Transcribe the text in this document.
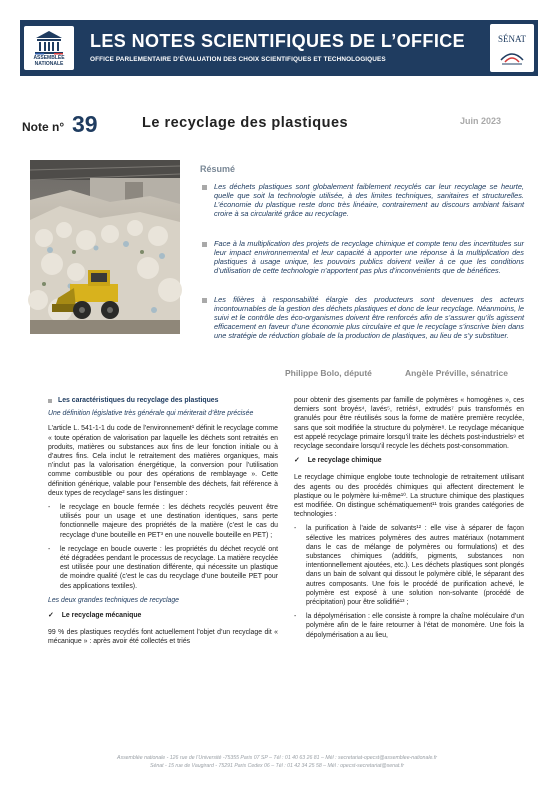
ASSEMBLÉE NATIONALE
LES NOTES SCIENTIFIQUES DE L’OFFICE
OFFICE PARLEMENTAIRE D’ÉVALUATION DES CHOIX SCIENTIFIQUES ET TECHNOLOGIQUES
SÉNAT
Note n° 39	Le recyclage des plastiques	Juin 2023
© ASSEMBLÉE NATIONALE - M. DENIS	Résumé
Les déchets plastiques sont globalement faiblement recyclés car leur recyclage se heurte, quelle que soit la technologie utilisée, à des limites techniques, sanitaires et structurelles. L’économie du plastique reste donc très linéaire, contrairement au discours ambiant faisant croire à sa circularité grâce au recyclage.
Face à la multiplication des projets de recyclage chimique et compte tenu des incertitudes sur leur impact environnemental et leur capacité à apporter une réponse à la multiplication des plastiques à usage unique, les pouvoirs publics doivent veiller à ce que les conditions d’utilisation de cette technologie n’apportent pas plus d’inconvénients que de bénéfices.
Les filières à responsabilité élargie des producteurs sont devenues des acteurs incontournables de la gestion des déchets plastiques et donc de leur recyclage. Néanmoins, le suivi et le contrôle des éco-organismes doivent être renforcés afin de s’assurer qu’ils agissent efficacement en faveur d’une économie plus circulaire et que le recyclage s’inscrive bien dans une stratégie de réduction globale de la production de plastiques, au lieu de s’y substituer.
Philippe Bolo, député	Angèle Préville, sénatrice
Les caractéristiques du recyclage des plastiques
Une définition législative très générale qui mériterait d’être précisée

L’article L. 541-1-1 du code de l’environnement¹ définit le recyclage comme « toute opération de valorisation par laquelle les déchets sont retraités en produits, matières ou substances aux fins de leur fonction initiale ou à d’autres fins. Cela inclut le retraitement des matières organiques, mais n’inclut pas la valorisation énergétique, la conversion pour l’utilisation comme combustible ou pour des opérations de remblayage ». Cette définition générique, valable pour l’ensemble des déchets, fait référence à deux types de recyclage² sans les distinguer :

- le recyclage en boucle fermée : les déchets recyclés peuvent être utilisés pour un usage et une destination identiques, sans perte fonctionnelle majeure des propriétés de la matière (c’est le cas du recyclage d’une bouteille en PET³ en une nouvelle bouteille en PET) ;
- le recyclage en boucle ouverte : les propriétés du déchet recyclé ont été dégradées pendant le processus de recyclage. La matière recyclée est utilisée pour une destination différente, qui nécessite un plastique de moindre qualité (c’est le cas du recyclage d’une bouteille PET pour des applications textiles).
Les deux grandes techniques de recyclage
✓ Le recyclage mécanique

99 % des plastiques recyclés font actuellement l’objet d’un recyclage dit « mécanique » : après avoir été collectés et triés

pour obtenir des gisements par famille de polymères « homogènes », ces derniers sont broyés⁴, lavés⁵, retriés⁶, extrudés⁷ puis transformés en granulés pour être réutilisés sous la forme de matière première recyclée, sans que soit modifiée la structure du polymère⁸. Le recyclage mécanique est appelé recyclage primaire lorsqu’il traite les déchets post-industriels⁹ et recyclage secondaire lorsqu’il recycle les déchets post-consommation.

✓ Le recyclage chimique

Le recyclage chimique englobe toute technologie de retraitement utilisant des agents ou des procédés chimiques qui affectent directement le plastique ou le polymère lui-même¹⁰. La structure chimique des plastiques est modifiée. On distingue schématiquement¹¹ trois grandes catégories de technologies :

- la purification à l’aide de solvants¹² : elle vise à séparer de façon sélective les matrices polymères des autres matériaux (notamment dans le cas de mélange de polymères ou formulations) et des substances chimiques (additifs, pigments, substances non intentionnellement ajoutées, etc.). Les déchets plastiques sont plongés dans un bain de solvant qui dissout le polymère ciblé, le séparant des autres composants. Une fois le procédé de purification achevé, le polymère est exposé à une solution non-solvante (procédé de précipitation) pour être solidifié¹³ ;
- la dépolymérisation : elle consiste à rompre la chaîne moléculaire d’un polymère afin de le faire retourner à l’état de monomère. Une fois la dépolymérisation a au lieu,
Assemblée nationale - 126 rue de l’Université -75355 Paris 07 SP – Tél : 01 40 63 26 81 – Mél : secretariat-opecst@assemblee-nationale.fr
Sénat - 15 rue de Vaugirard - 75291 Paris Cedex 06 – Tél : 01 42 34 25 58 – Mél : opecst-secretariat@senat.fr
